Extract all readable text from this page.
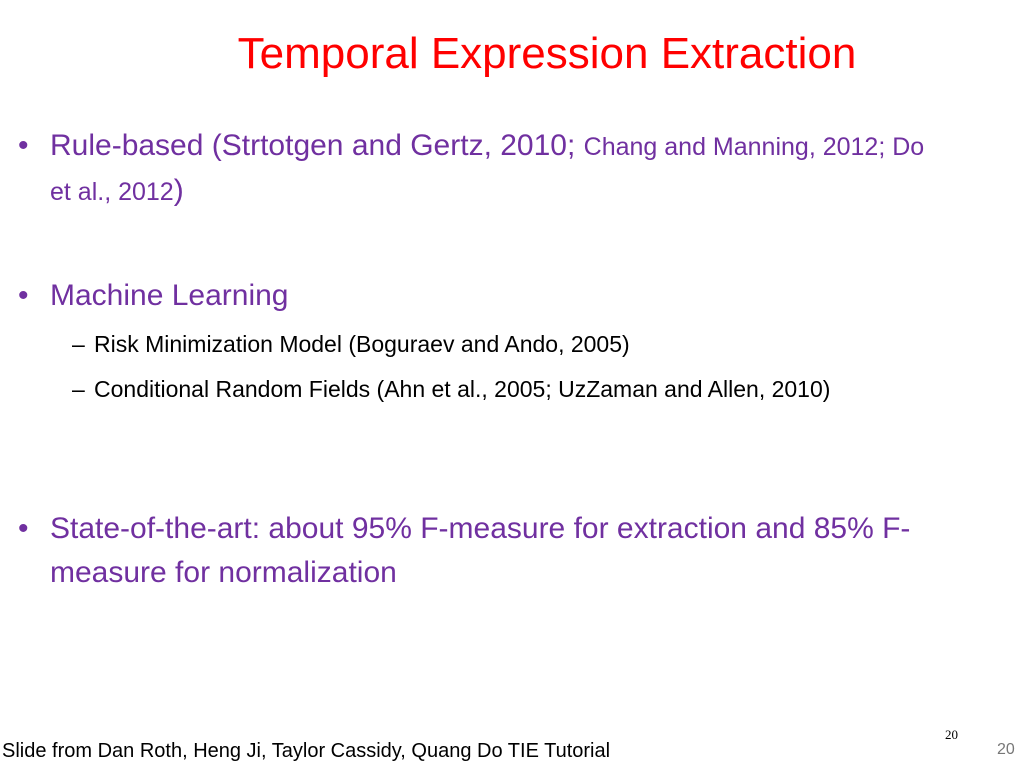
Temporal Expression Extraction
• Rule-based (Strtotgen and Gertz, 2010; Chang and Manning, 2012; Do et al., 2012)
• Machine Learning
– Risk Minimization Model (Boguraev and Ando, 2005)
– Conditional Random Fields (Ahn et al., 2005; UzZaman and Allen, 2010)
• State-of-the-art: about 95% F-measure for extraction and 85% F-measure for normalization
20
20
Slide from Dan Roth, Heng Ji, Taylor Cassidy, Quang Do TIE Tutorial
